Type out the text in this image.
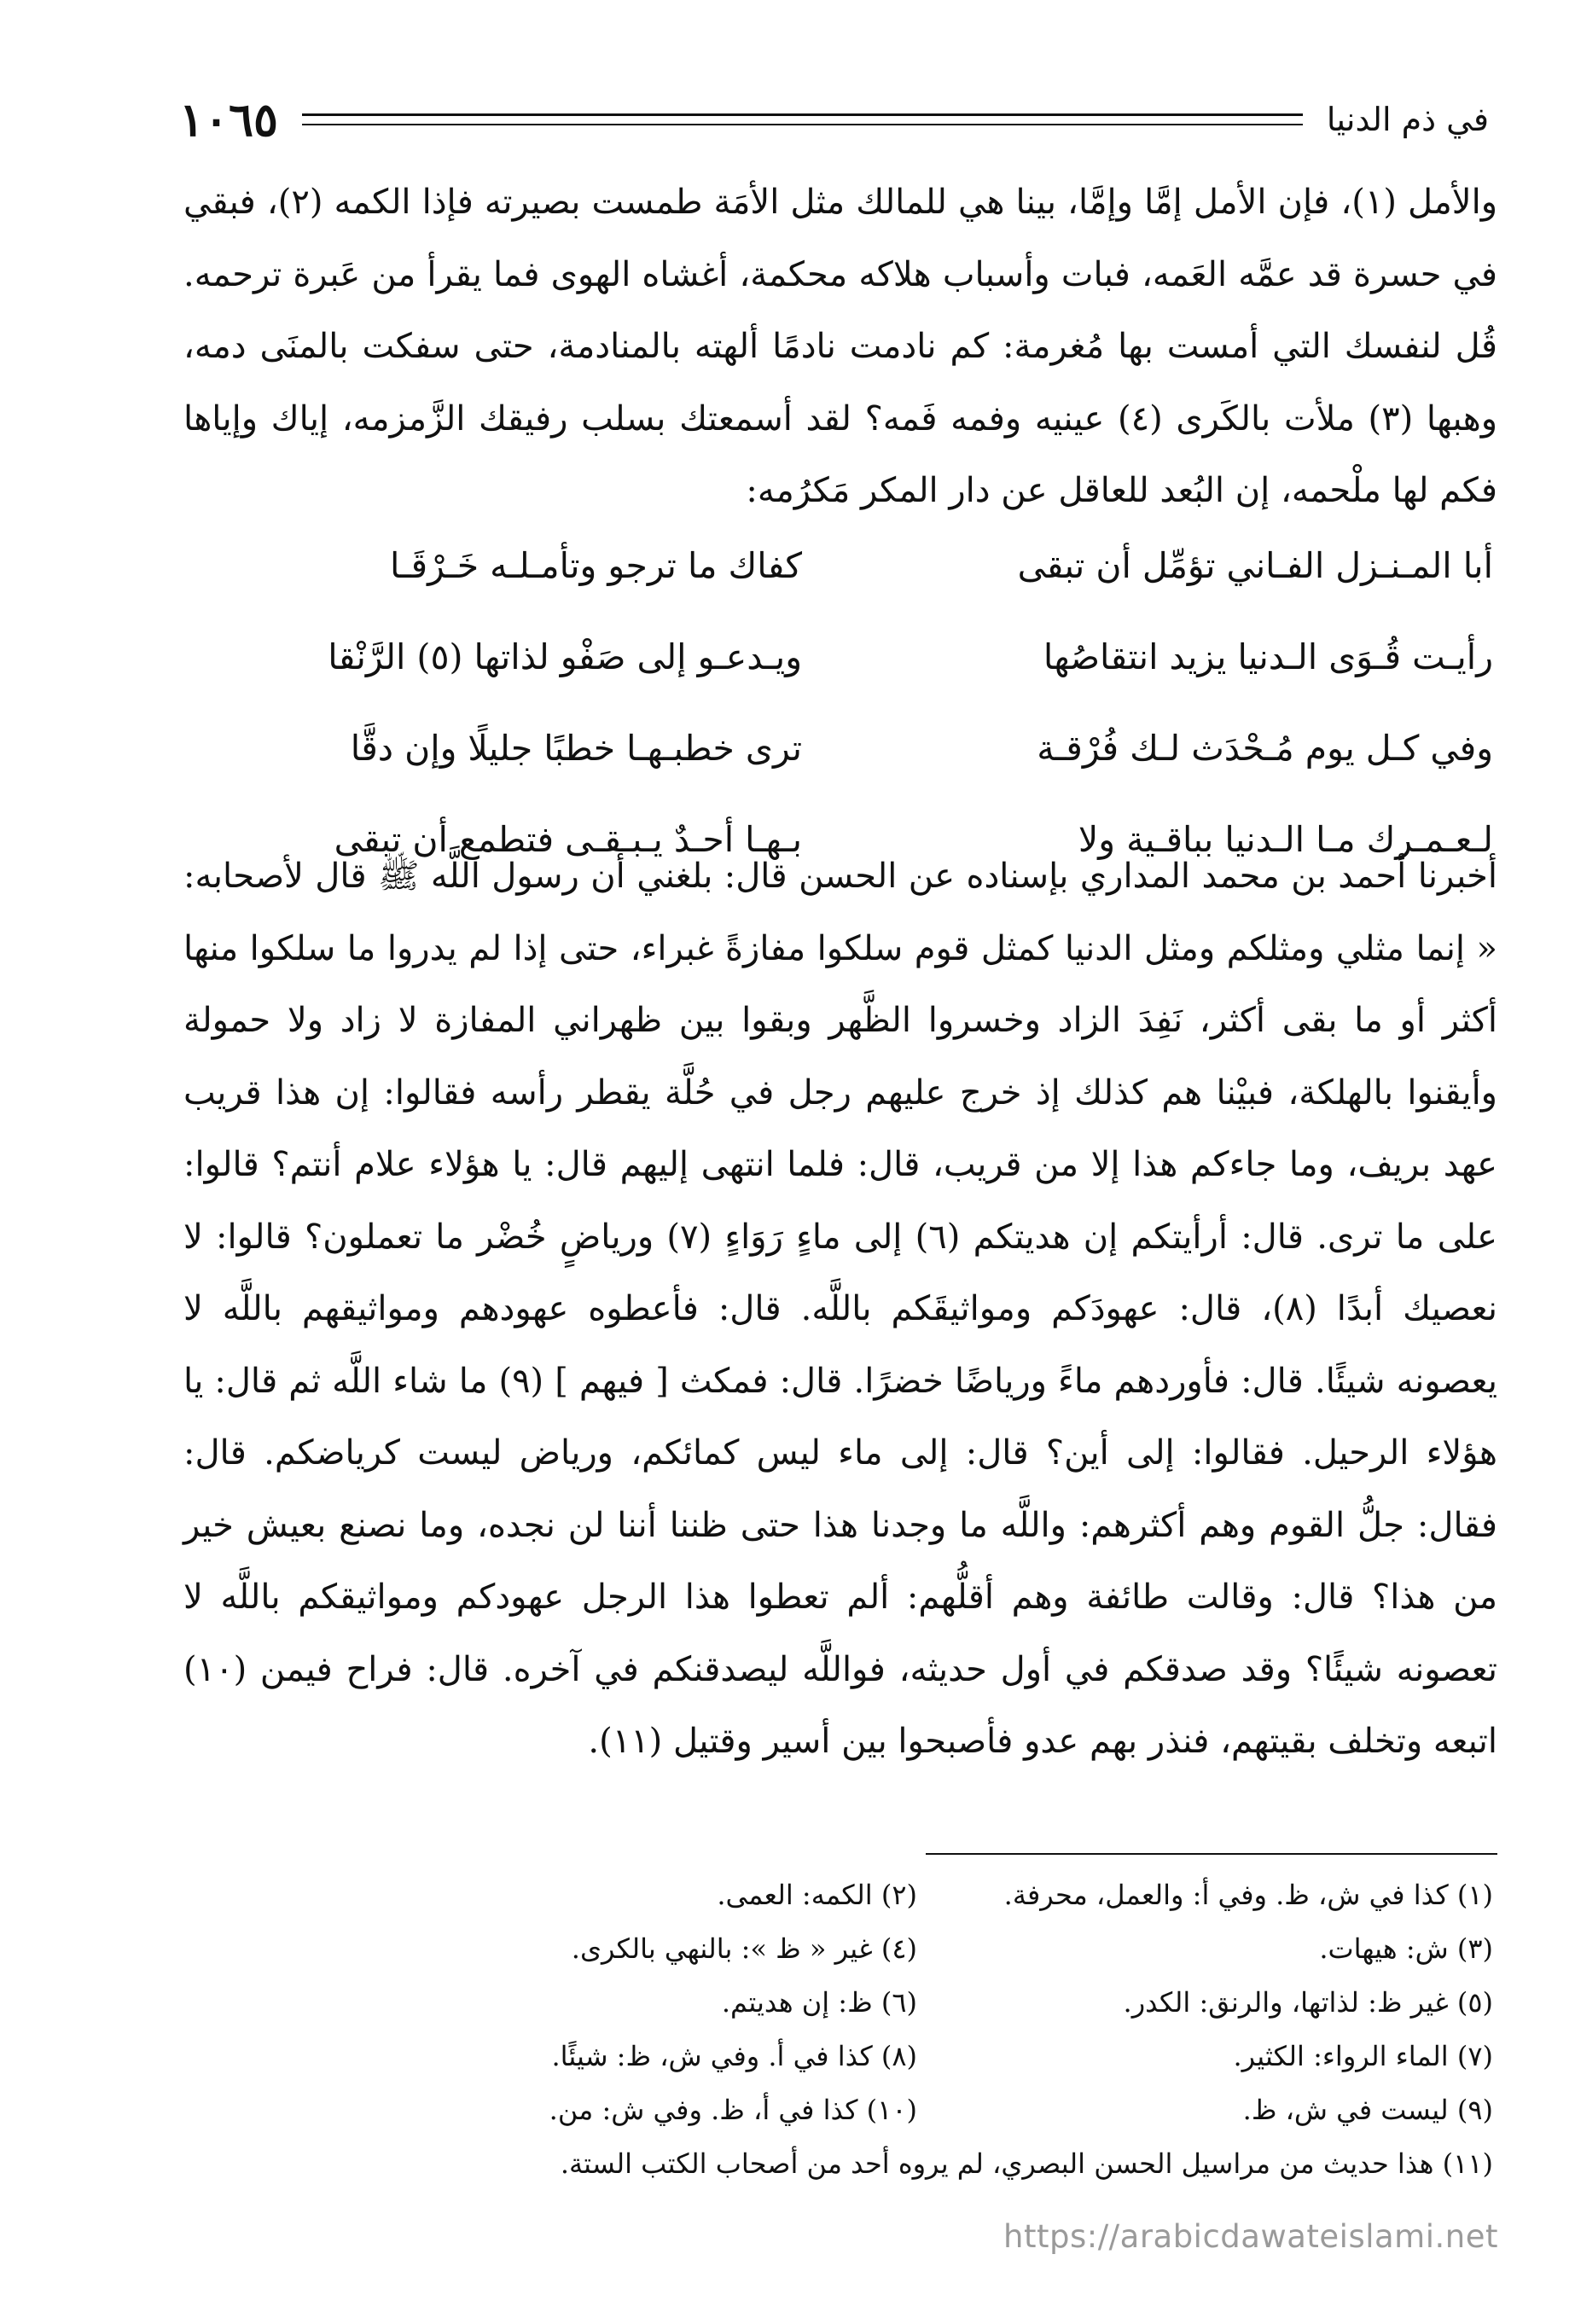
في ذم الدنيا
١٠٦٥

والأمل (١)، فإن الأمل إمَّا وإمَّا، بينا هي للمالك مثل الأمَة طمست بصيرته فإذا الكمه (٢)، فبقي في حسرة قد عمَّه العَمه، فبات وأسباب هلاكه محكمة، أغشاه الهوى فما يقرأ من عَبرة ترحمه. قُل لنفسك التي أمست بها مُغرمة: كم نادمت نادمًا ألهته بالمنادمة، حتى سفكت بالمنَى دمه، وهبها (٣) ملأت بالكَرى (٤) عينيه وفمه فَمه؟ لقد أسمعتك بسلب رفيقك الزَّمزمه، إياك وإياها فكم لها ملْحمه، إن البُعد للعاقل عن دار المكر مَكرُمه:

أبا المـنـزل الفـاني تؤمِّل أن تبقى
كفاك ما ترجو وتأمـلـه خَـرْقَـا
رأيـت قُـوَى الـدنيا يزيد انتقاصُها
ويـدعـو إلى صَفْو لذاتها (٥) الرَّنْقا
وفي كـل يوم مُـحْدَث لـك فُرْقـة
ترى خطبـهـا خطبًا جليلًا وإن دقَّا
لـعـمـرك مـا الـدنيا بباقـية ولا
بـهـا أحـدٌ يـبـقـى فتطمع أن تبقى

أخبرنا أحمد بن محمد المداري بإسناده عن الحسن قال: بلغني أن رسول اللَّه ﷺ قال لأصحابه: « إنما مثلي ومثلكم ومثل الدنيا كمثل قوم سلكوا مفازةً غبراء، حتى إذا لم يدروا ما سلكوا منها أكثر أو ما بقى أكثر، نَفِدَ الزاد وخسروا الظَّهر وبقوا بين ظهراني المفازة لا زاد ولا حمولة وأيقنوا بالهلكة، فبيْنا هم كذلك إذ خرج عليهم رجل في حُلَّة يقطر رأسه فقالوا: إن هذا قريب عهد بريف، وما جاءكم هذا إلا من قريب، قال: فلما انتهى إليهم قال: يا هؤلاء علام أنتم؟ قالوا: على ما ترى. قال: أرأيتكم إن هديتكم (٦) إلى ماءٍ رَوَاءٍ (٧) ورياضٍ خُضْر ما تعملون؟ قالوا: لا نعصيك أبدًا (٨)، قال: عهودَكم ومواثيقَكم باللَّه. قال: فأعطوه عهودهم ومواثيقهم باللَّه لا يعصونه شيئًا. قال: فأوردهم ماءً ورياضًا خضرًا. قال: فمكث [ فيهم ] (٩) ما شاء اللَّه ثم قال: يا هؤلاء الرحيل. فقالوا: إلى أين؟ قال: إلى ماء ليس كمائكم، ورياض ليست كرياضكم. قال: فقال: جلُّ القوم وهم أكثرهم: واللَّه ما وجدنا هذا حتى ظننا أننا لن نجده، وما نصنع بعيش خير من هذا؟ قال: وقالت طائفة وهم أقلُّهم: ألم تعطوا هذا الرجل عهودكم ومواثيقكم باللَّه لا تعصونه شيئًا؟ وقد صدقكم في أول حديثه، فواللَّه ليصدقنكم في آخره. قال: فراح فيمن (١٠) اتبعه وتخلف بقيتهم، فنذر بهم عدو فأصبحوا بين أسير وقتيل (١١).

(١) كذا في ش، ظ. وفي أ: والعمل، محرفة.
(٢) الكمه: العمى.
(٣) ش: هيهات.
(٤) غير « ظ »: بالنهي بالكرى.
(٥) غير ظ: لذاتها، والرنق: الكدر.
(٦) ظ: إن هديتم.
(٧) الماء الرواء: الكثير.
(٨) كذا في أ. وفي ش، ظ: شيئًا.
(٩) ليست في ش، ظ.
(١٠) كذا في أ، ظ. وفي ش: من.
(١١) هذا حديث من مراسيل الحسن البصري، لم يروه أحد من أصحاب الكتب الستة.
https://arabicdawateislami.net
